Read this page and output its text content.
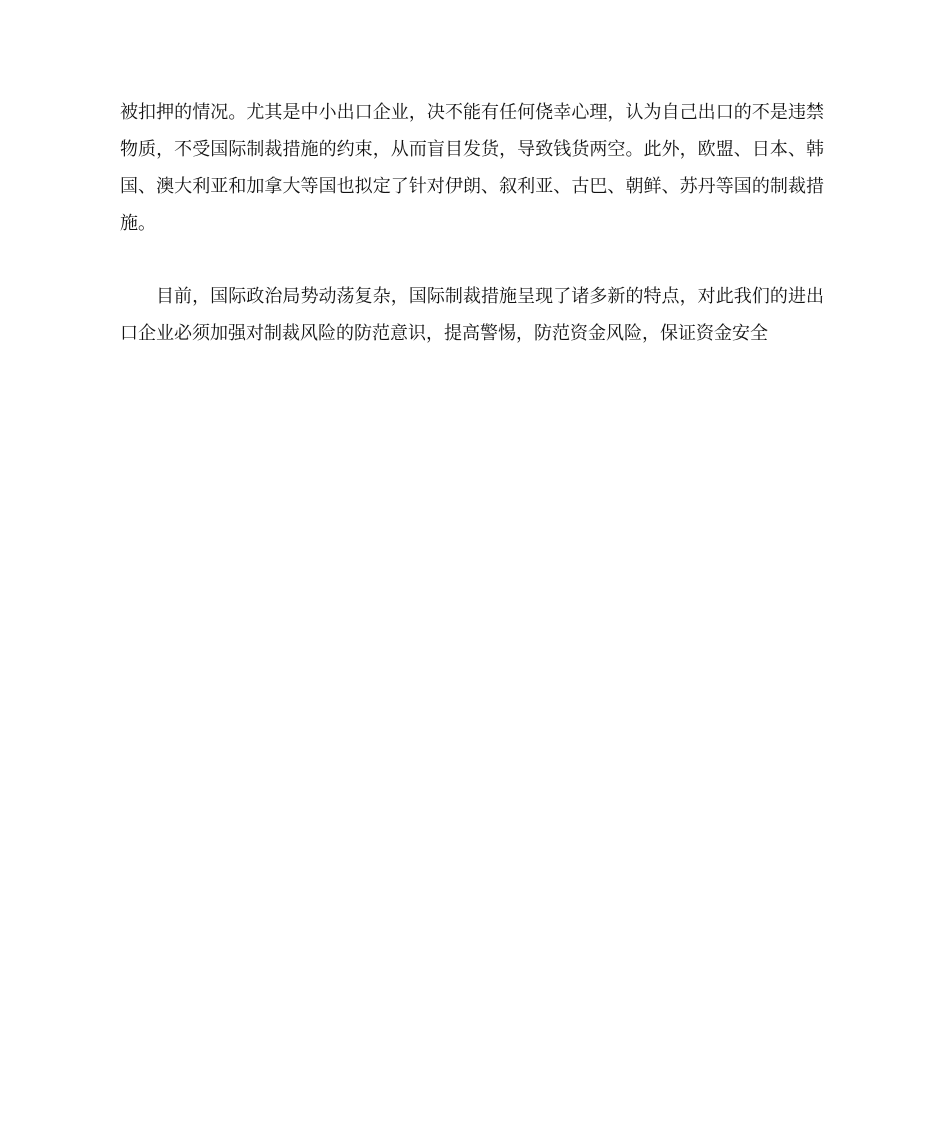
被扣押的情况。尤其是中小出口企业，决不能有任何侥幸心理，认为自己出口的不是违禁物质，不受国际制裁措施的约束，从而盲目发货，导致钱货两空。此外，欧盟、日本、韩国、澳大利亚和加拿大等国也拟定了针对伊朗、叙利亚、古巴、朝鲜、苏丹等国的制裁措施。

目前，国际政治局势动荡复杂，国际制裁措施呈现了诸多新的特点，对此我们的进出口企业必须加强对制裁风险的防范意识，提高警惕，防范资金风险，保证资金安全
